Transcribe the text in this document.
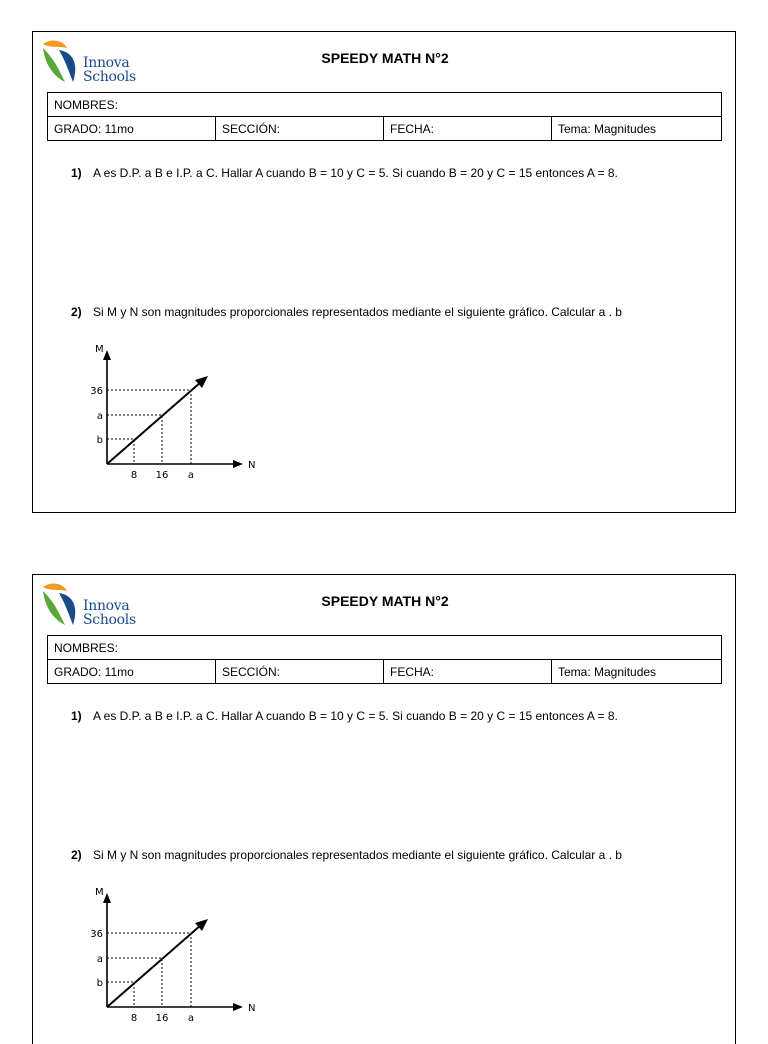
Innova
Schools
SPEEDY MATH N°2
NOMBRES:
GRADO: 11mo	SECCIÓN:	FECHA:	Tema: Magnitudes
1) A es D.P. a B e I.P. a C. Hallar A cuando B = 10 y C = 5. Si cuando B = 20 y C = 15 entonces A = 8.
2) Si M y N son magnitudes proporcionales representados mediante el siguiente gráfico. Calcular a . b
M
N
36
a
b
8 16 a
Innova
Schools
SPEEDY MATH N°2
NOMBRES:
GRADO: 11mo	SECCIÓN:	FECHA:	Tema: Magnitudes
1) A es D.P. a B e I.P. a C. Hallar A cuando B = 10 y C = 5. Si cuando B = 20 y C = 15 entonces A = 8.
2) Si M y N son magnitudes proporcionales representados mediante el siguiente gráfico. Calcular a . b
M
N
36
a
b
8 16 a
